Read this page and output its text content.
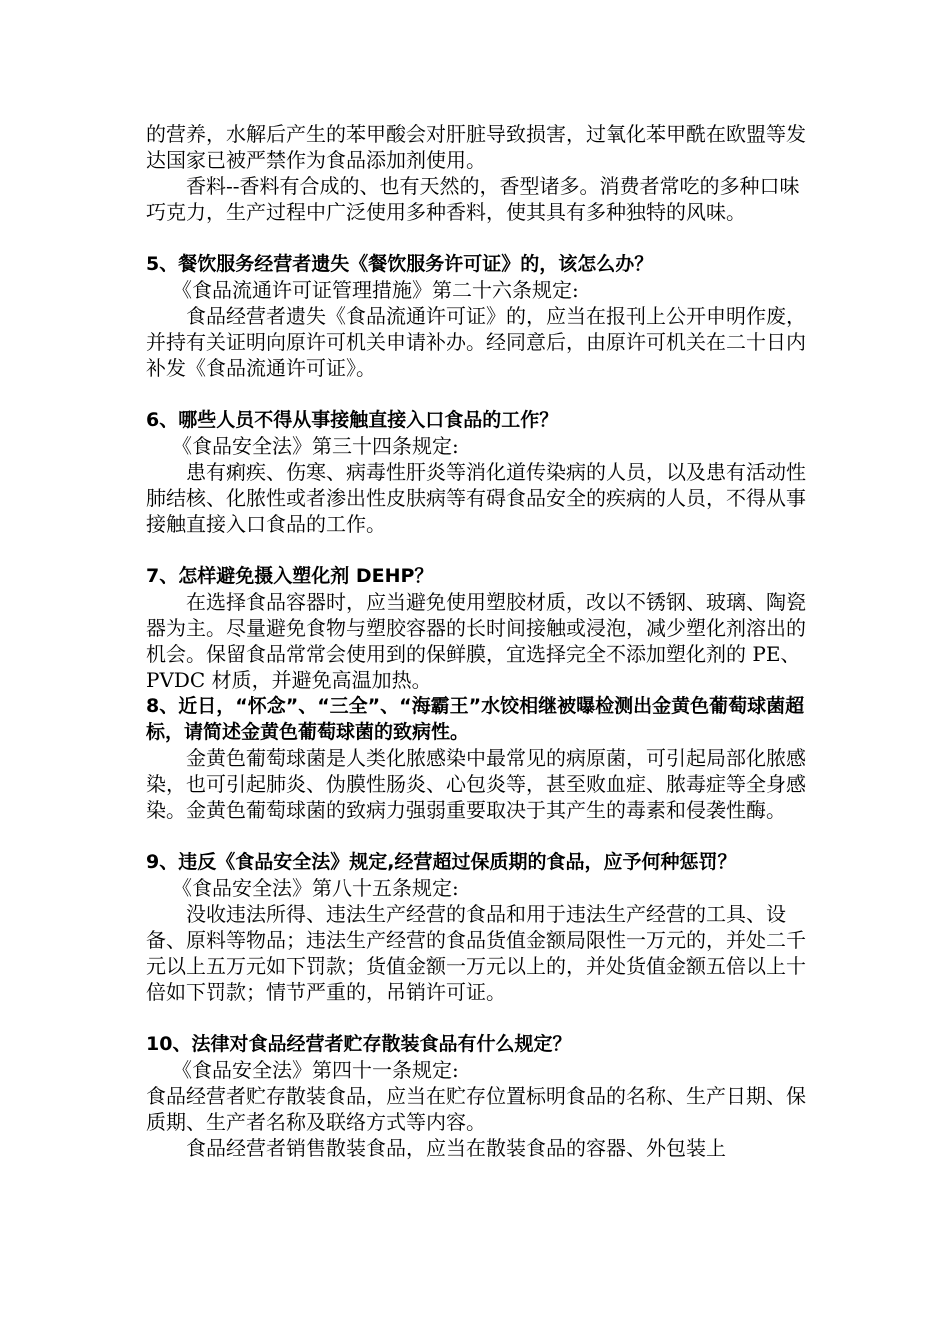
的营养，水解后产生的苯甲酸会对肝脏导致损害，过氧化苯甲酰在欧盟等发达国家已被严禁作为食品添加剂使用。

香料--香料有合成的、也有天然的，香型诸多。消费者常吃的多种口味巧克力，生产过程中广泛使用多种香料，使其具有多种独特的风味。

5、餐饮服务经营者遗失《餐饮服务许可证》的，该怎么办？

《食品流通许可证管理措施》第二十六条规定:

食品经营者遗失《食品流通许可证》的，应当在报刊上公开申明作废，并持有关证明向原许可机关申请补办。经同意后，由原许可机关在二十日内补发《食品流通许可证》。

6、哪些人员不得从事接触直接入口食品的工作？

《食品安全法》第三十四条规定:

患有痢疾、伤寒、病毒性肝炎等消化道传染病的人员，以及患有活动性肺结核、化脓性或者渗出性皮肤病等有碍食品安全的疾病的人员，不得从事接触直接入口食品的工作。

7、怎样避免摄入塑化剂 DEHP？

在选择食品容器时，应当避免使用塑胶材质，改以不锈钢、玻璃、陶瓷器为主。尽量避免食物与塑胶容器的长时间接触或浸泡，减少塑化剂溶出的机会。保留食品常常会使用到的保鲜膜，宜选择完全不添加塑化剂的 PE、PVDC 材质，并避免高温加热。

8、近日，“怀念”、“三全”、“海霸王”水饺相继被曝检测出金黄色葡萄球菌超标，请简述金黄色葡萄球菌的致病性。

金黄色葡萄球菌是人类化脓感染中最常见的病原菌，可引起局部化脓感染，也可引起肺炎、伪膜性肠炎、心包炎等，甚至败血症、脓毒症等全身感染。金黄色葡萄球菌的致病力强弱重要取决于其产生的毒素和侵袭性酶。

9、违反《食品安全法》规定,经营超过保质期的食品，应予何种惩罚？

《食品安全法》第八十五条规定:

没收违法所得、违法生产经营的食品和用于违法生产经营的工具、设备、原料等物品；违法生产经营的食品货值金额局限性一万元的，并处二千元以上五万元如下罚款；货值金额一万元以上的，并处货值金额五倍以上十倍如下罚款；情节严重的，吊销许可证。

10、法律对食品经营者贮存散装食品有什么规定？

《食品安全法》第四十一条规定:

食品经营者贮存散装食品，应当在贮存位置标明食品的名称、生产日期、保质期、生产者名称及联络方式等内容。

食品经营者销售散装食品，应当在散装食品的容器、外包装上
